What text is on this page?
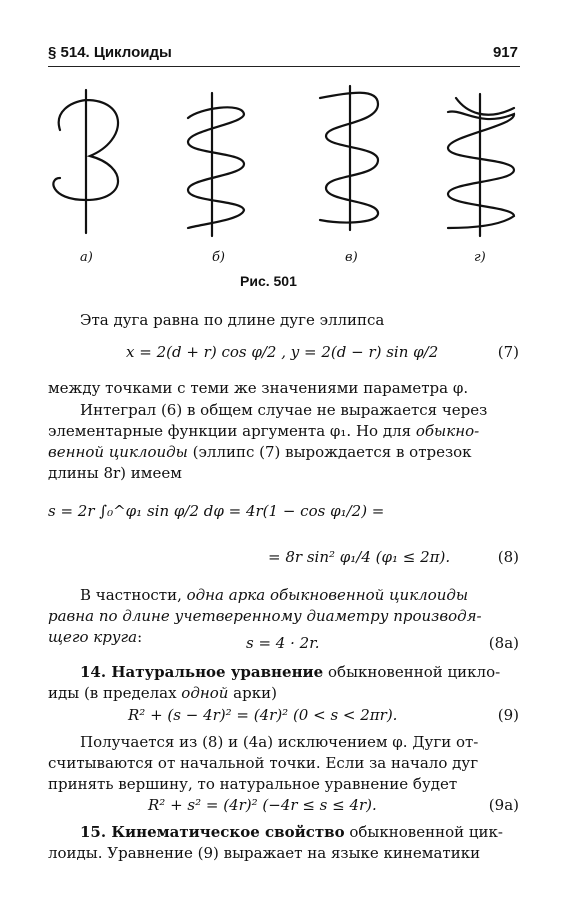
§ 514. Циклоиды	917
а)	б)	в)	г)
Рис. 501
Эта дуга равна по длине дуге эллипса
x = 2(d + r) cos φ/2 , y = 2(d − r) sin φ/2	(7)
между точками с теми же значениями параметра φ.
Интеграл (6) в общем случае не выражается через
элементарные функции аргумента φ₁. Но для обыкно-
венной циклоиды (эллипс (7) вырождается в отрезок
длины 8r) имеем
s = 2r ∫₀^φ₁ sin φ/2 dφ = 4r(1 − cos φ₁/2) =
= 8r sin² φ₁/4 (φ₁ ≤ 2π).	(8)
В частности, одна арка обыкновенной циклоиды
равна по длине учетверенному диаметру производя-
щего круга:	s = 4 · 2r.	(8a)
14. Натуральное уравнение обыкновенной цикло-
иды (в пределах одной арки)
R² + (s − 4r)² = (4r)² (0 < s < 2πr).	(9)
Получается из (8) и (4a) исключением φ. Дуги от-
считываются от начальной точки. Если за начало дуг
принять вершину, то натуральное уравнение будет
R² + s² = (4r)² (−4r ≤ s ≤ 4r).	(9a)
15. Кинематическое свойство обыкновенной цик-
лоиды. Уравнение (9) выражает на языке кинематики
